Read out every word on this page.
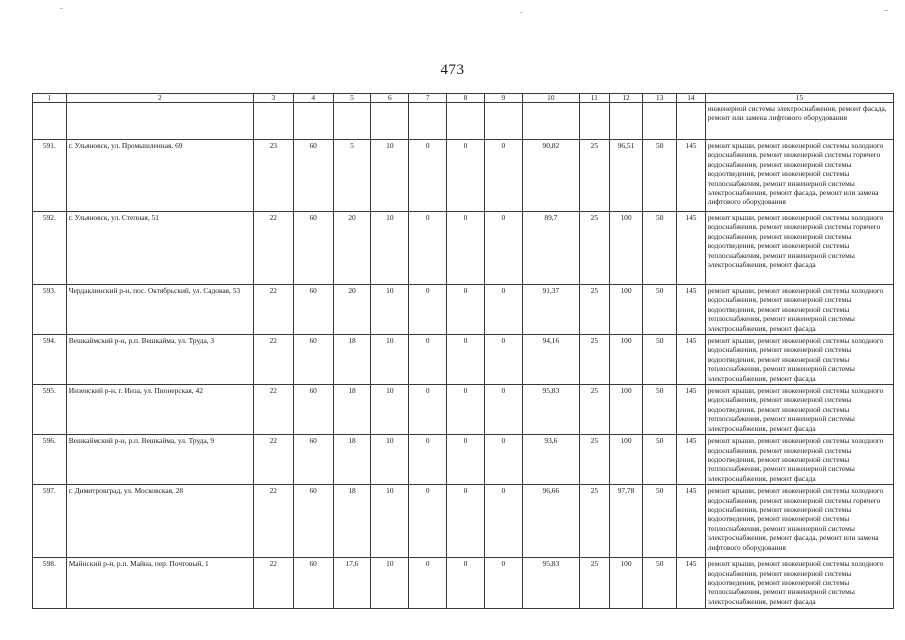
473
1	2	3	4	5	6	7	8	9	10	11	12	13	14	15
														инженерной системы электроснабжения, ремонт фасада, ремонт или замена лифтового оборудования
591.	г. Ульяновск, ул. Промышленная, 69	23	60	5	10	0	0	0	90,82	25	96,51	50	145	ремонт крыши, ремонт инженерной системы холодного водоснабжения, ремонт инженерной системы горячего водоснабжения, ремонт инженерной системы водоотведения, ремонт инженерной системы теплоснабжения, ремонт инженерной системы электроснабжения, ремонт фасада, ремонт или замена лифтового оборудования
592.	г. Ульяновск, ул. Степная, 51	22	60	20	10	0	0	0	89,7	25	100	50	145	ремонт крыши, ремонт инженерной системы холодного водоснабжения, ремонт инженерной системы горячего водоснабжения, ремонт инженерной системы водоотведения, ремонт инженерной системы теплоснабжения, ремонт инженерной системы электроснабжения, ремонт фасада
593.	Чердаклинский р-н, пос. Октябрьский, ул. Садовая, 53	22	60	20	10	0	0	0	91,37	25	100	50	145	ремонт крыши, ремонт инженерной системы холодного водоснабжения, ремонт инженерной системы водоотведения, ремонт инженерной системы теплоснабжения, ремонт инженерной системы электроснабжения, ремонт фасада
594.	Вешкаймский р-н, р.п. Вешкайма, ул. Труда, 3	22	60	18	10	0	0	0	94,16	25	100	50	145	ремонт крыши, ремонт инженерной системы холодного водоснабжения, ремонт инженерной системы водоотведения, ремонт инженерной системы теплоснабжения, ремонт инженерной системы электроснабжения, ремонт фасада
595.	Инзенский р-н, г. Инза, ул. Пионерская, 42	22	60	18	10	0	0	0	95,83	25	100	50	145	ремонт крыши, ремонт инженерной системы холодного водоснабжения, ремонт инженерной системы водоотведения, ремонт инженерной системы теплоснабжения, ремонт инженерной системы электроснабжения, ремонт фасада
596.	Вешкаймский р-н, р.п. Вешкайма, ул. Труда, 9	22	60	18	10	0	0	0	93,6	25	100	50	145	ремонт крыши, ремонт инженерной системы холодного водоснабжения, ремонт инженерной системы водоотведения, ремонт инженерной системы теплоснабжения, ремонт инженерной системы электроснабжения, ремонт фасада
597.	г. Димитровград, ул. Московская, 28	22	60	18	10	0	0	0	96,66	25	97,78	50	145	ремонт крыши, ремонт инженерной системы холодного водоснабжения, ремонт инженерной системы горячего водоснабжения, ремонт инженерной системы водоотведения, ремонт инженерной системы теплоснабжения, ремонт инженерной системы электроснабжения, ремонт фасада, ремонт или замена лифтового оборудования
598.	Майнский р-н, р.п. Майна, пер. Почтовый, 1	22	60	17,6	10	0	0	0	95,83	25	100	50	145	ремонт крыши, ремонт инженерной системы холодного водоснабжения, ремонт инженерной системы водоотведения, ремонт инженерной системы теплоснабжения, ремонт инженерной системы электроснабжения, ремонт фасада
